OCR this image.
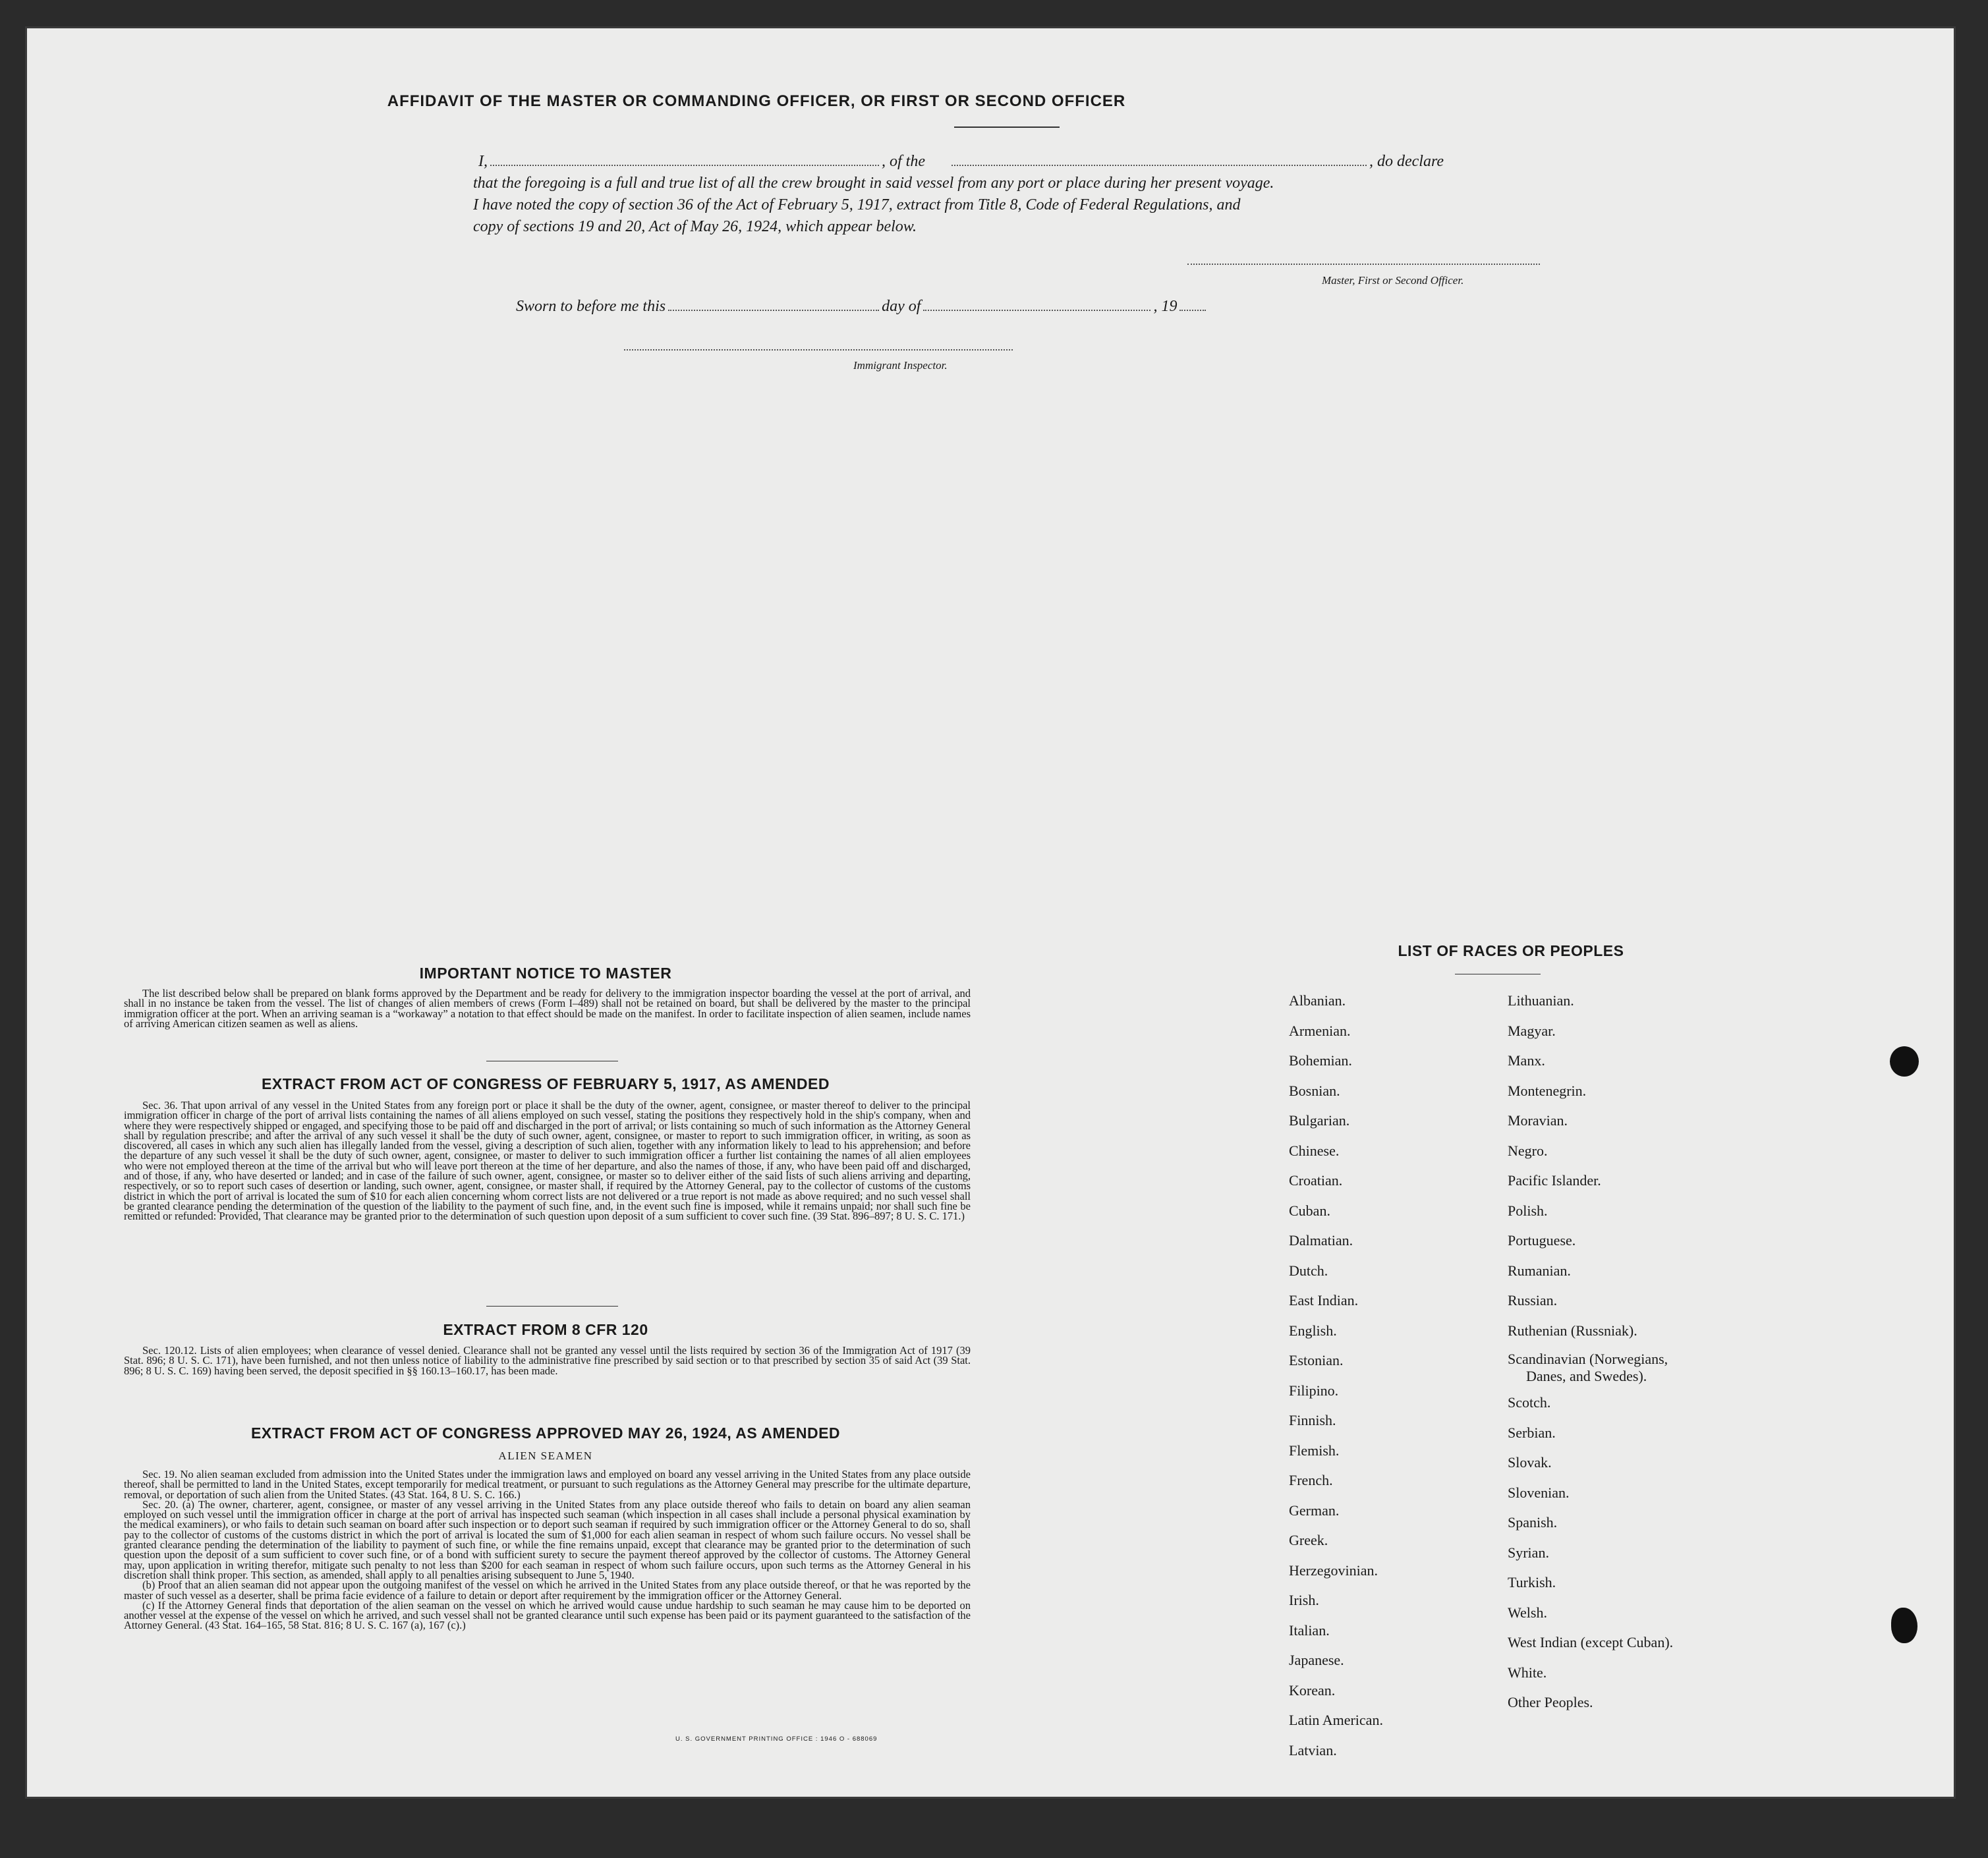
AFFIDAVIT OF THE MASTER OR COMMANDING OFFICER, OR FIRST OR SECOND OFFICER
I,	, of the	, do declare
that the foregoing is a full and true list of all the crew brought in said vessel from any port or place during her present voyage.
I have noted the copy of section 36 of the Act of February 5, 1917, extract from Title 8, Code of Federal Regulations, and
copy of sections 19 and 20, Act of May 26, 1924, which appear below.
Master, First or Second Officer.
Sworn to before me this	day of	, 19
Immigrant Inspector.
IMPORTANT NOTICE TO MASTER

The list described below shall be prepared on blank forms approved by the Department and be ready for delivery to the immigration inspector boarding the vessel at the port of arrival, and shall in no instance be taken from the vessel. The list of changes of alien members of crews (Form I–489) shall not be retained on board, but shall be delivered by the master to the principal immigration officer at the port. When an arriving seaman is a “workaway” a notation to that effect should be made on the manifest. In order to facilitate inspection of alien seamen, include names of arriving American citizen seamen as well as aliens.

EXTRACT FROM ACT OF CONGRESS OF FEBRUARY 5, 1917, AS AMENDED

Sec. 36. That upon arrival of any vessel in the United States from any foreign port or place it shall be the duty of the owner, agent, consignee, or master thereof to deliver to the principal immigration officer in charge of the port of arrival lists containing the names of all aliens employed on such vessel, stating the positions they respectively hold in the ship's company, when and where they were respectively shipped or engaged, and specifying those to be paid off and discharged in the port of arrival; or lists containing so much of such information as the Attorney General shall by regulation prescribe; and after the arrival of any such vessel it shall be the duty of such owner, agent, consignee, or master to report to such immigration officer, in writing, as soon as discovered, all cases in which any such alien has illegally landed from the vessel, giving a description of such alien, together with any information likely to lead to his apprehension; and before the departure of any such vessel it shall be the duty of such owner, agent, consignee, or master to deliver to such immigration officer a further list containing the names of all alien employees who were not employed thereon at the time of the arrival but who will leave port thereon at the time of her departure, and also the names of those, if any, who have been paid off and discharged, and of those, if any, who have deserted or landed; and in case of the failure of such owner, agent, consignee, or master so to deliver either of the said lists of such aliens arriving and departing, respectively, or so to report such cases of desertion or landing, such owner, agent, consignee, or master shall, if required by the Attorney General, pay to the collector of customs of the customs district in which the port of arrival is located the sum of $10 for each alien concerning whom correct lists are not delivered or a true report is not made as above required; and no such vessel shall be granted clearance pending the determination of the question of the liability to the payment of such fine, and, in the event such fine is imposed, while it remains unpaid; nor shall such fine be remitted or refunded: Provided, That clearance may be granted prior to the determination of such question upon deposit of a sum sufficient to cover such fine. (39 Stat. 896–897; 8 U. S. C. 171.)

EXTRACT FROM 8 CFR 120

Sec. 120.12. Lists of alien employees; when clearance of vessel denied. Clearance shall not be granted any vessel until the lists required by section 36 of the Immigration Act of 1917 (39 Stat. 896; 8 U. S. C. 171), have been furnished, and not then unless notice of liability to the administrative fine prescribed by said section or to that prescribed by section 35 of said Act (39 Stat. 896; 8 U. S. C. 169) having been served, the deposit specified in §§ 160.13–160.17, has been made.

EXTRACT FROM ACT OF CONGRESS APPROVED MAY 26, 1924, AS AMENDED
ALIEN SEAMEN

Sec. 19. No alien seaman excluded from admission into the United States under the immigration laws and employed on board any vessel arriving in the United States from any place outside thereof, shall be permitted to land in the United States, except temporarily for medical treatment, or pursuant to such regulations as the Attorney General may prescribe for the ultimate departure, removal, or deportation of such alien from the United States. (43 Stat. 164, 8 U. S. C. 166.)

Sec. 20. (a) The owner, charterer, agent, consignee, or master of any vessel arriving in the United States from any place outside thereof who fails to detain on board any alien seaman employed on such vessel until the immigration officer in charge at the port of arrival has inspected such seaman (which inspection in all cases shall include a personal physical examination by the medical examiners), or who fails to detain such seaman on board after such inspection or to deport such seaman if required by such immigration officer or the Attorney General to do so, shall pay to the collector of customs of the customs district in which the port of arrival is located the sum of $1,000 for each alien seaman in respect of whom such failure occurs. No vessel shall be granted clearance pending the determination of the liability to payment of such fine, or while the fine remains unpaid, except that clearance may be granted prior to the determination of such question upon the deposit of a sum sufficient to cover such fine, or of a bond with sufficient surety to secure the payment thereof approved by the collector of customs. The Attorney General may, upon application in writing therefor, mitigate such penalty to not less than $200 for each seaman in respect of whom such failure occurs, upon such terms as the Attorney General in his discretion shall think proper. This section, as amended, shall apply to all penalties arising subsequent to June 5, 1940.

(b) Proof that an alien seaman did not appear upon the outgoing manifest of the vessel on which he arrived in the United States from any place outside thereof, or that he was reported by the master of such vessel as a deserter, shall be prima facie evidence of a failure to detain or deport after requirement by the immigration officer or the Attorney General.

(c) If the Attorney General finds that deportation of the alien seaman on the vessel on which he arrived would cause undue hardship to such seaman he may cause him to be deported on another vessel at the expense of the vessel on which he arrived, and such vessel shall not be granted clearance until such expense has been paid or its payment guaranteed to the satisfaction of the Attorney General. (43 Stat. 164–165, 58 Stat. 816; 8 U. S. C. 167 (a), 167 (c).)

U. S. GOVERNMENT PRINTING OFFICE : 1946 O - 688069
LIST OF RACES OR PEOPLES
Albanian.
Armenian.
Bohemian.
Bosnian.
Bulgarian.
Chinese.
Croatian.
Cuban.
Dalmatian.
Dutch.
East Indian.
English.
Estonian.
Filipino.
Finnish.
Flemish.
French.
German.
Greek.
Herzegovinian.
Irish.
Italian.
Japanese.
Korean.
Latin American.
Latvian.
Lithuanian.
Magyar.
Manx.
Montenegrin.
Moravian.
Negro.
Pacific Islander.
Polish.
Portuguese.
Rumanian.
Russian.
Ruthenian (Russniak).
Scandinavian (Norwegians,
Danes, and Swedes).
Scotch.
Serbian.
Slovak.
Slovenian.
Spanish.
Syrian.
Turkish.
Welsh.
West Indian (except Cuban).
White.
Other Peoples.
